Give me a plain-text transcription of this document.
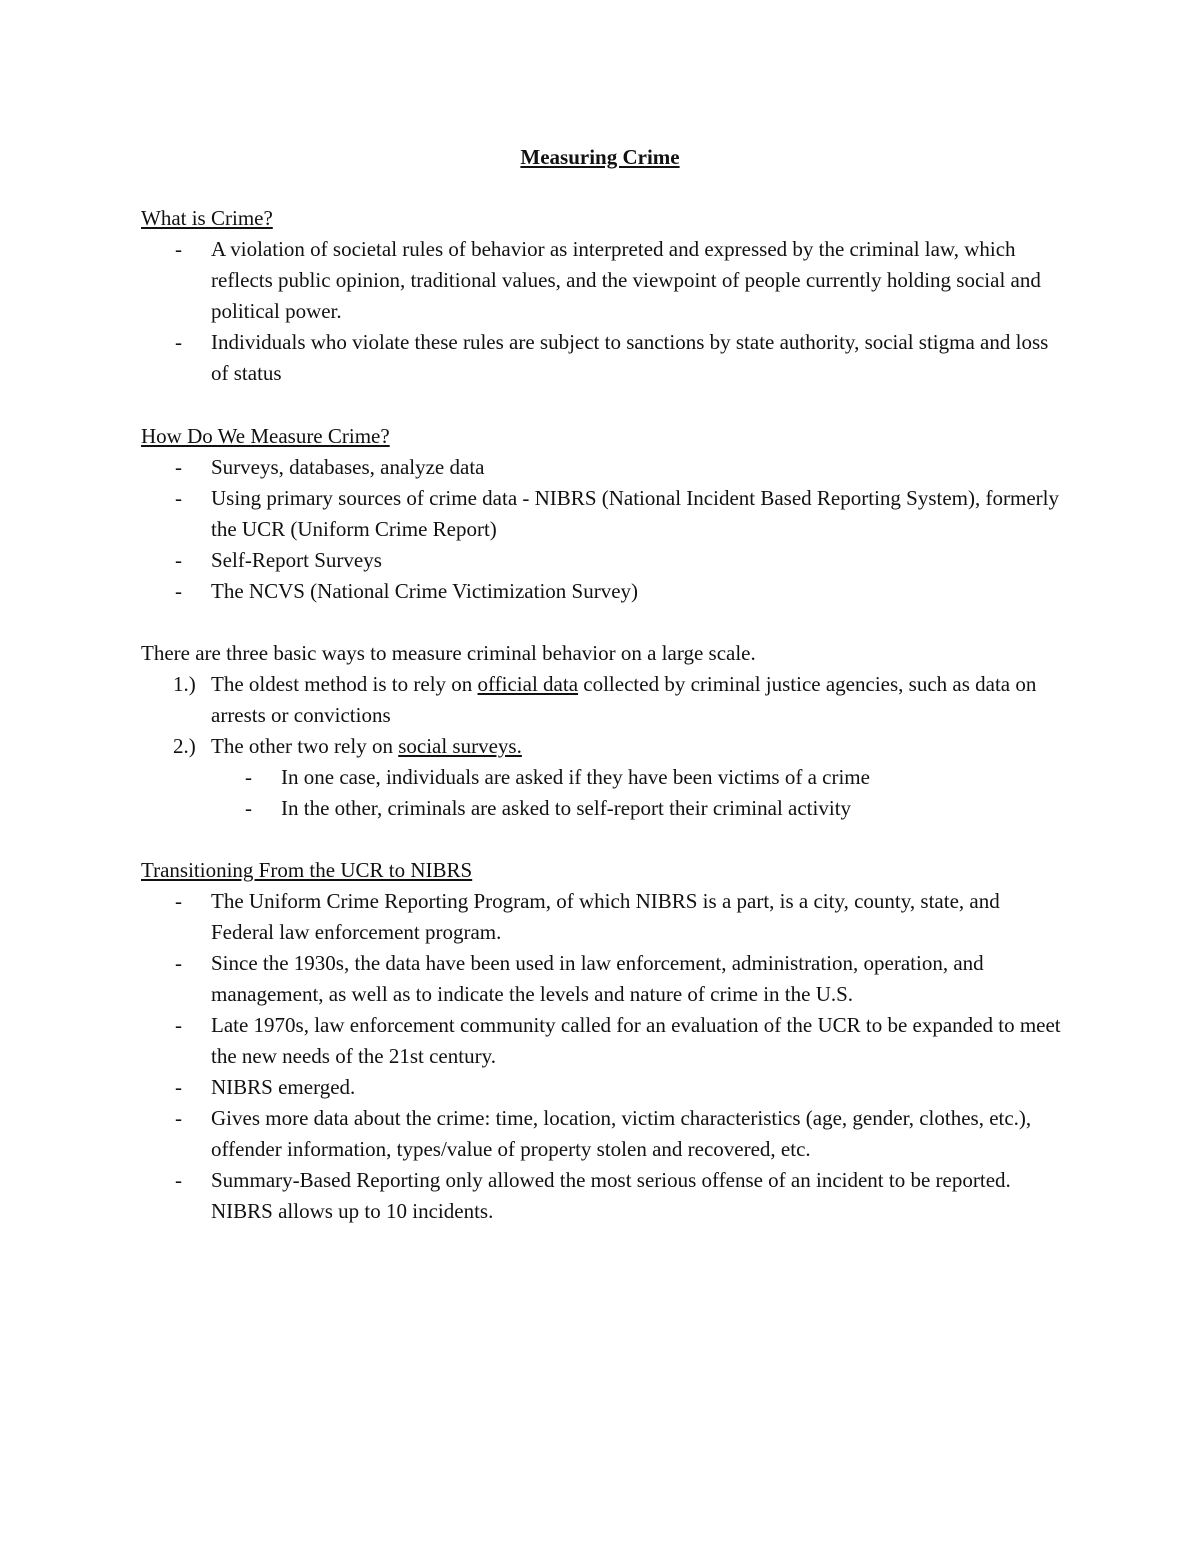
Measuring Crime

What is Crime?

- A violation of societal rules of behavior as interpreted and expressed by the criminal law, which reflects public opinion, traditional values, and the viewpoint of people currently holding social and political power.
- Individuals who violate these rules are subject to sanctions by state authority, social stigma and loss of status

How Do We Measure Crime?

- Surveys, databases, analyze data
- Using primary sources of crime data - NIBRS (National Incident Based Reporting System), formerly the UCR (Uniform Crime Report)
- Self-Report Surveys
- The NCVS (National Crime Victimization Survey)

There are three basic ways to measure criminal behavior on a large scale.

1.) The oldest method is to rely on official data collected by criminal justice agencies, such as data on arrests or convictions
2.) The other two rely on social surveys.
- In one case, individuals are asked if they have been victims of a crime
- In the other, criminals are asked to self-report their criminal activity

Transitioning From the UCR to NIBRS

- The Uniform Crime Reporting Program, of which NIBRS is a part, is a city, county, state, and Federal law enforcement program.
- Since the 1930s, the data have been used in law enforcement, administration, operation, and management, as well as to indicate the levels and nature of crime in the U.S.
- Late 1970s, law enforcement community called for an evaluation of the UCR to be expanded to meet the new needs of the 21st century.
- NIBRS emerged.
- Gives more data about the crime: time, location, victim characteristics (age, gender, clothes, etc.), offender information, types/value of property stolen and recovered, etc.
- Summary-Based Reporting only allowed the most serious offense of an incident to be reported. NIBRS allows up to 10 incidents.
